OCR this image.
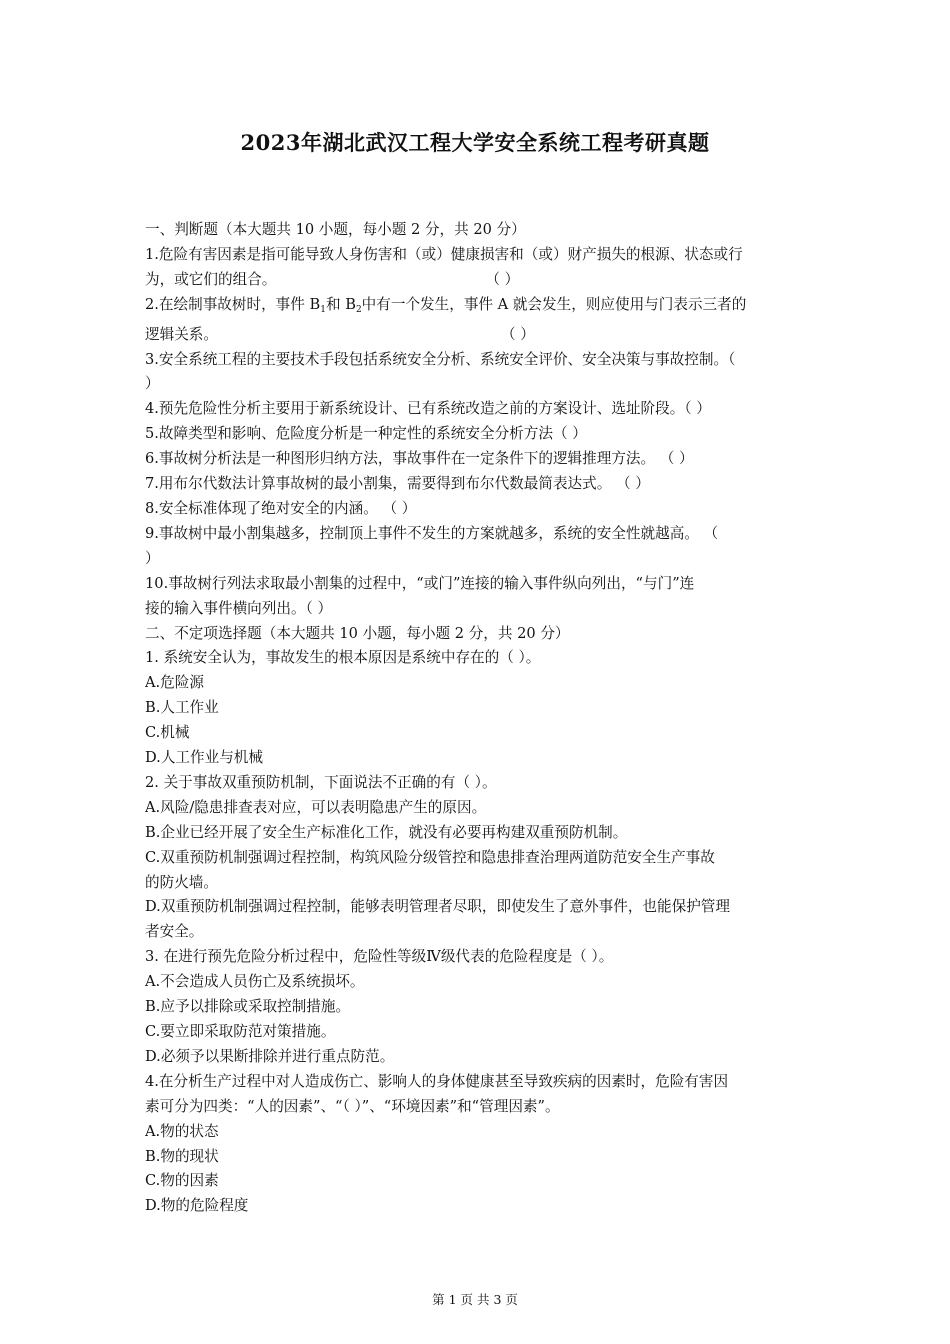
2023年湖北武汉工程大学安全系统工程考研真题
一、判断题（本大题共 10 小题，每小题 2 分，共 20 分）
1.危险有害因素是指可能导致人身伤害和（或）健康损害和（或）财产损失的根源、状态或行
为，或它们的组合。	（ ）
2.在绘制事故树时，事件 $B_1$和 $B_2$中有一个发生，事件 A 就会发生，则应使用与门表示三者的
逻辑关系。	（ ）
3.安全系统工程的主要技术手段包括系统安全分析、系统安全评价、安全决策与事故控制。（
）
4.预先危险性分析主要用于新系统设计、已有系统改造之前的方案设计、选址阶段。（ ）
5.故障类型和影响、危险度分析是一种定性的系统安全分析方法（ ）
6.事故树分析法是一种图形归纳方法，事故事件在一定条件下的逻辑推理方法。 （ ）
7.用布尔代数法计算事故树的最小割集，需要得到布尔代数最简表达式。 （ ）
8.安全标准体现了绝对安全的内涵。 （ ）
9.事故树中最小割集越多，控制顶上事件不发生的方案就越多，系统的安全性就越高。 （
）
10.事故树行列法求取最小割集的过程中，“或门”连接的输入事件纵向列出，“与门”连
接的输入事件横向列出。（ ）
二、不定项选择题（本大题共 10 小题，每小题 2 分，共 20 分）
1. 系统安全认为，事故发生的根本原因是系统中存在的（ ）。
A.危险源
B.人工作业
C.机械
D.人工作业与机械
2. 关于事故双重预防机制，下面说法不正确的有（ ）。
A.风险/隐患排查表对应，可以表明隐患产生的原因。
B.企业已经开展了安全生产标准化工作，就没有必要再构建双重预防机制。
C.双重预防机制强调过程控制，构筑风险分级管控和隐患排查治理两道防范安全生产事故
的防火墙。
D.双重预防机制强调过程控制，能够表明管理者尽职，即使发生了意外事件，也能保护管理
者安全。
3. 在进行预先危险分析过程中，危险性等级Ⅳ级代表的危险程度是（ ）。
A.不会造成人员伤亡及系统损坏。
B.应予以排除或采取控制措施。
C.要立即采取防范对策措施。
D.必须予以果断排除并进行重点防范。
4.在分析生产过程中对人造成伤亡、影响人的身体健康甚至导致疾病的因素时，危险有害因
素可分为四类：“人的因素”、“（ ）”、“环境因素”和“管理因素”。
A.物的状态
B.物的现状
C.物的因素
D.物的危险程度
第 1 页 共 3 页
